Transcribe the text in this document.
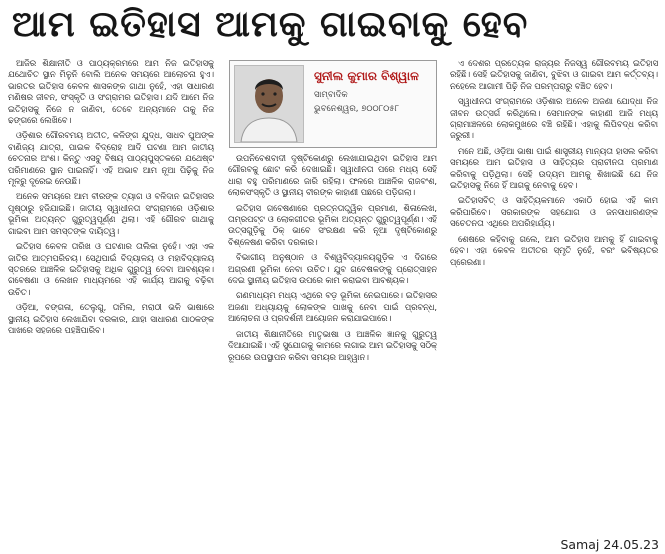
ଆମ ଇତିହାସ ଆମକୁ ଗାଇବାକୁ ହେବ

ଆଜିର ଶିକ୍ଷାନୀତି ଓ ପାଠ୍ୟକ୍ରମରେ ଆମ ନିଜ ଇତିହାସକୁ ଯଥୋଚିତ ସ୍ଥାନ ମିଳୁନି ବୋଲି ଅନେକ ସମୟରେ ଆଲୋଚନା ହୁଏ। ଭାରତର ଇତିହାସ କେବଳ ଶାସକଙ୍କ ଗାଥା ନୁହେଁ, ଏହା ସାଧାରଣ ମଣିଷର ଜୀବନ, ସଂସ୍କୃତି ଓ ସଂଗ୍ରାମର ଇତିହାସ। ଯଦି ଆମେ ନିଜ ଇତିହାସକୁ ନିଜେ ନ ଜାଣିବା, ତେବେ ଅନ୍ୟମାନେ ତାକୁ ନିଜ ଢଙ୍ଗରେ ଲେଖିବେ।

ଓଡ଼ିଶାର ଗୌରବମୟ ଅତୀତ, କଳିଙ୍ଗ ଯୁଦ୍ଧ, ସାଧବ ପୁଅଙ୍କ ବାଣିଜ୍ୟ ଯାତ୍ରା, ପାଇକ ବିଦ୍ରୋହ ଆଦି ଘଟଣା ଆମ ଜାତୀୟ ଚେତନାର ଅଂଶ। କିନ୍ତୁ ଏସବୁ ବିଷୟ ପାଠ୍ୟପୁସ୍ତକରେ ଯଥେଷ୍ଟ ପରିମାଣରେ ସ୍ଥାନ ପାଇନାହିଁ। ଏହି ଅଭାବ ଆମ ନୂଆ ପିଢ଼ିକୁ ନିଜ ମୂଳରୁ ଦୂରେଇ ନେଉଛି।

ଅନେକ ସମୟରେ ଆମ ବୀରଙ୍କ ତ୍ୟାଗ ଓ ବଳିଦାନ ଇତିହାସର ପୃଷ୍ଠାରୁ ହଜିଯାଇଛି। ଜାତୀୟ ସ୍ୱାଧୀନତା ସଂଗ୍ରାମରେ ଓଡ଼ିଶାର ଭୂମିକା ଅତ୍ୟନ୍ତ ଗୁରୁତ୍ୱପୂର୍ଣ୍ଣ ଥିଲା। ଏହି ଗୌରବ ଗାଥାକୁ ଗାଇବା ଆମ ସମସ୍ତଙ୍କ ଦାୟିତ୍ୱ।

ଇତିହାସ କେବଳ ତାରିଖ ଓ ଘଟଣାର ତାଲିକା ନୁହେଁ। ଏହା ଏକ ଜାତିର ଆତ୍ମପରିଚୟ। ସେଥିପାଇଁ ବିଦ୍ୟାଳୟ ଓ ମହାବିଦ୍ୟାଳୟ ସ୍ତରରେ ଆଞ୍ଚଳିକ ଇତିହାସକୁ ଅଧିକ ଗୁରୁତ୍ୱ ଦେବା ଆବଶ୍ୟକ। ଗବେଷଣା ଓ ଲେଖନ ମାଧ୍ୟମରେ ଏହି କାର୍ଯ୍ୟ ଆଗକୁ ବଢ଼ିବା ଉଚିତ।

ଓଡ଼ିଆ, ବଙ୍ଗଳା, ତେଲୁଗୁ, ତାମିଲ, ମରାଠୀ ଭଳି ଭାଷାରେ ସ୍ଥାନୀୟ ଇତିହାସ ଲେଖାଯିବା ଦରକାର, ଯାହା ସାଧାରଣ ପାଠକଙ୍କ ପାଖରେ ସହଜରେ ପହଞ୍ଚିପାରିବ।

ସୁନୀଲ କୁମାର ବିଶ୍ୱାଳ
ସାମ୍ବାଦିକ
ଭୁବନେଶ୍ୱର, ୭୦୦୮୦୫୮

ଉପନିବେଶବାଦୀ ଦୃଷ୍ଟିକୋଣରୁ ଲେଖାଯାଇଥିବା ଇତିହାସ ଆମ ଗୌରବକୁ ଛୋଟ କରି ଦେଖାଇଛି। ସ୍ୱାଧୀନତା ପରେ ମଧ୍ୟ ସେହି ଧାରା ବହୁ ପରିମାଣରେ ଜାରି ରହିଲା। ଫଳରେ ଆଞ୍ଚଳିକ ରାଜବଂଶ, ଲୋକସଂସ୍କୃତି ଓ ସ୍ଥାନୀୟ ବୀରଙ୍କ କାହାଣୀ ପଛରେ ପଡ଼ିଗଲା।

ଇତିହାସ ଗବେଷଣାରେ ପ୍ରତ୍ନତାତ୍ତ୍ୱିକ ପ୍ରମାଣ, ଶିଳାଲେଖ, ତାମ୍ରପଟ୍ଟ ଓ ଲୋକଗୀତର ଭୂମିକା ଅତ୍ୟନ୍ତ ଗୁରୁତ୍ୱପୂର୍ଣ୍ଣ। ଏହି ଉତ୍ସଗୁଡ଼ିକୁ ଠିକ୍ ଭାବେ ସଂରକ୍ଷଣ କରି ନୂଆ ଦୃଷ୍ଟିକୋଣରୁ ବିଶ୍ଳେଷଣ କରିବା ଦରକାର।

ବିଭାଗୀୟ ଅନୁଷ୍ଠାନ ଓ ବିଶ୍ୱବିଦ୍ୟାଳୟଗୁଡ଼ିକ ଏ ଦିଗରେ ଅଗ୍ରଣୀ ଭୂମିକା ନେବା ଉଚିତ। ଯୁବ ଗବେଷକଙ୍କୁ ପ୍ରୋତ୍ସାହନ ଦେଇ ସ୍ଥାନୀୟ ଇତିହାସ ଉପରେ କାମ କରାଇବା ଆବଶ୍ୟକ।

ଗଣମାଧ୍ୟମ ମଧ୍ୟ ଏଥିରେ ବଡ଼ ଭୂମିକା ନେଇପାରେ। ଇତିହାସର ଅଜଣା ଅଧ୍ୟାୟକୁ ଲୋକଙ୍କ ପାଖକୁ ନେବା ପାଇଁ ପ୍ରବନ୍ଧ, ଆଲୋଚନା ଓ ପ୍ରଦର୍ଶନୀ ଆୟୋଜନ କରାଯାଇପାରେ।

ଜାତୀୟ ଶିକ୍ଷାନୀତିରେ ମାତୃଭାଷା ଓ ଆଞ୍ଚଳିକ ଜ୍ଞାନକୁ ଗୁରୁତ୍ୱ ଦିଆଯାଇଛି। ଏହି ସୁଯୋଗକୁ କାମରେ ଲଗାଇ ଆମ ଇତିହାସକୁ ସଠିକ୍ ରୂପରେ ଉପସ୍ଥାପନ କରିବା ସମୟର ଆହ୍ୱାନ।

ଏ ଦେଶର ପ୍ରତ୍ୟେକ ରାଜ୍ୟର ନିଜସ୍ୱ ଗୌରବମୟ ଇତିହାସ ରହିଛି। ସେହି ଇତିହାସକୁ ଜାଣିବା, ବୁଝିବା ଓ ଗାଇବା ଆମ କର୍ତ୍ତବ୍ୟ। ନହେଲେ ଆଗାମୀ ପିଢ଼ି ନିଜ ପରମ୍ପରାରୁ ବଞ୍ଚିତ ହେବ।

ସ୍ୱାଧୀନତା ସଂଗ୍ରାମରେ ଓଡ଼ିଶାର ଅନେକ ଅଜଣା ଯୋଦ୍ଧା ନିଜ ଜୀବନ ଉତ୍ସର୍ଗ କରିଥିଲେ। ସେମାନଙ୍କ କାହାଣୀ ଆଜି ମଧ୍ୟ ଗ୍ରାମାଞ୍ଚଳରେ ଲୋକମୁଖରେ ବଞ୍ଚି ରହିଛି। ଏହାକୁ ଲିପିବଦ୍ଧ କରିବା ଜରୁରୀ।

ମନେ ଅଛି, ଓଡ଼ିଆ ଭାଷା ପାଇଁ ଶାସ୍ତ୍ରୀୟ ମାନ୍ୟତା ହାସଲ କରିବା ସମୟରେ ଆମ ଇତିହାସ ଓ ସାହିତ୍ୟର ପ୍ରାଚୀନତା ପ୍ରମାଣ କରିବାକୁ ପଡ଼ିଥିଲା। ସେହି ଉଦ୍ୟମ ଆମକୁ ଶିଖାଇଛି ଯେ ନିଜ ଇତିହାସକୁ ନିଜେ ହିଁ ଆଗକୁ ନେବାକୁ ହେବ।

ଇତିହାସବିତ୍ ଓ ସାହିତ୍ୟିକମାନେ ଏକାଠି ହୋଇ ଏହି କାମ କରିପାରିବେ। ସରକାରଙ୍କ ସହଯୋଗ ଓ ଜନସାଧାରଣଙ୍କ ସଚେତନତା ଏଥିରେ ଅପରିହାର୍ଯ୍ୟ।

ଶେଷରେ କହିବାକୁ ଗଲେ, ଆମ ଇତିହାସ ଆମକୁ ହିଁ ଗାଇବାକୁ ହେବ। ଏହା କେବଳ ଅତୀତର ସ୍ମୃତି ନୁହେଁ, ବରଂ ଭବିଷ୍ୟତର ପ୍ରେରଣା।

Samaj 24.05.23
